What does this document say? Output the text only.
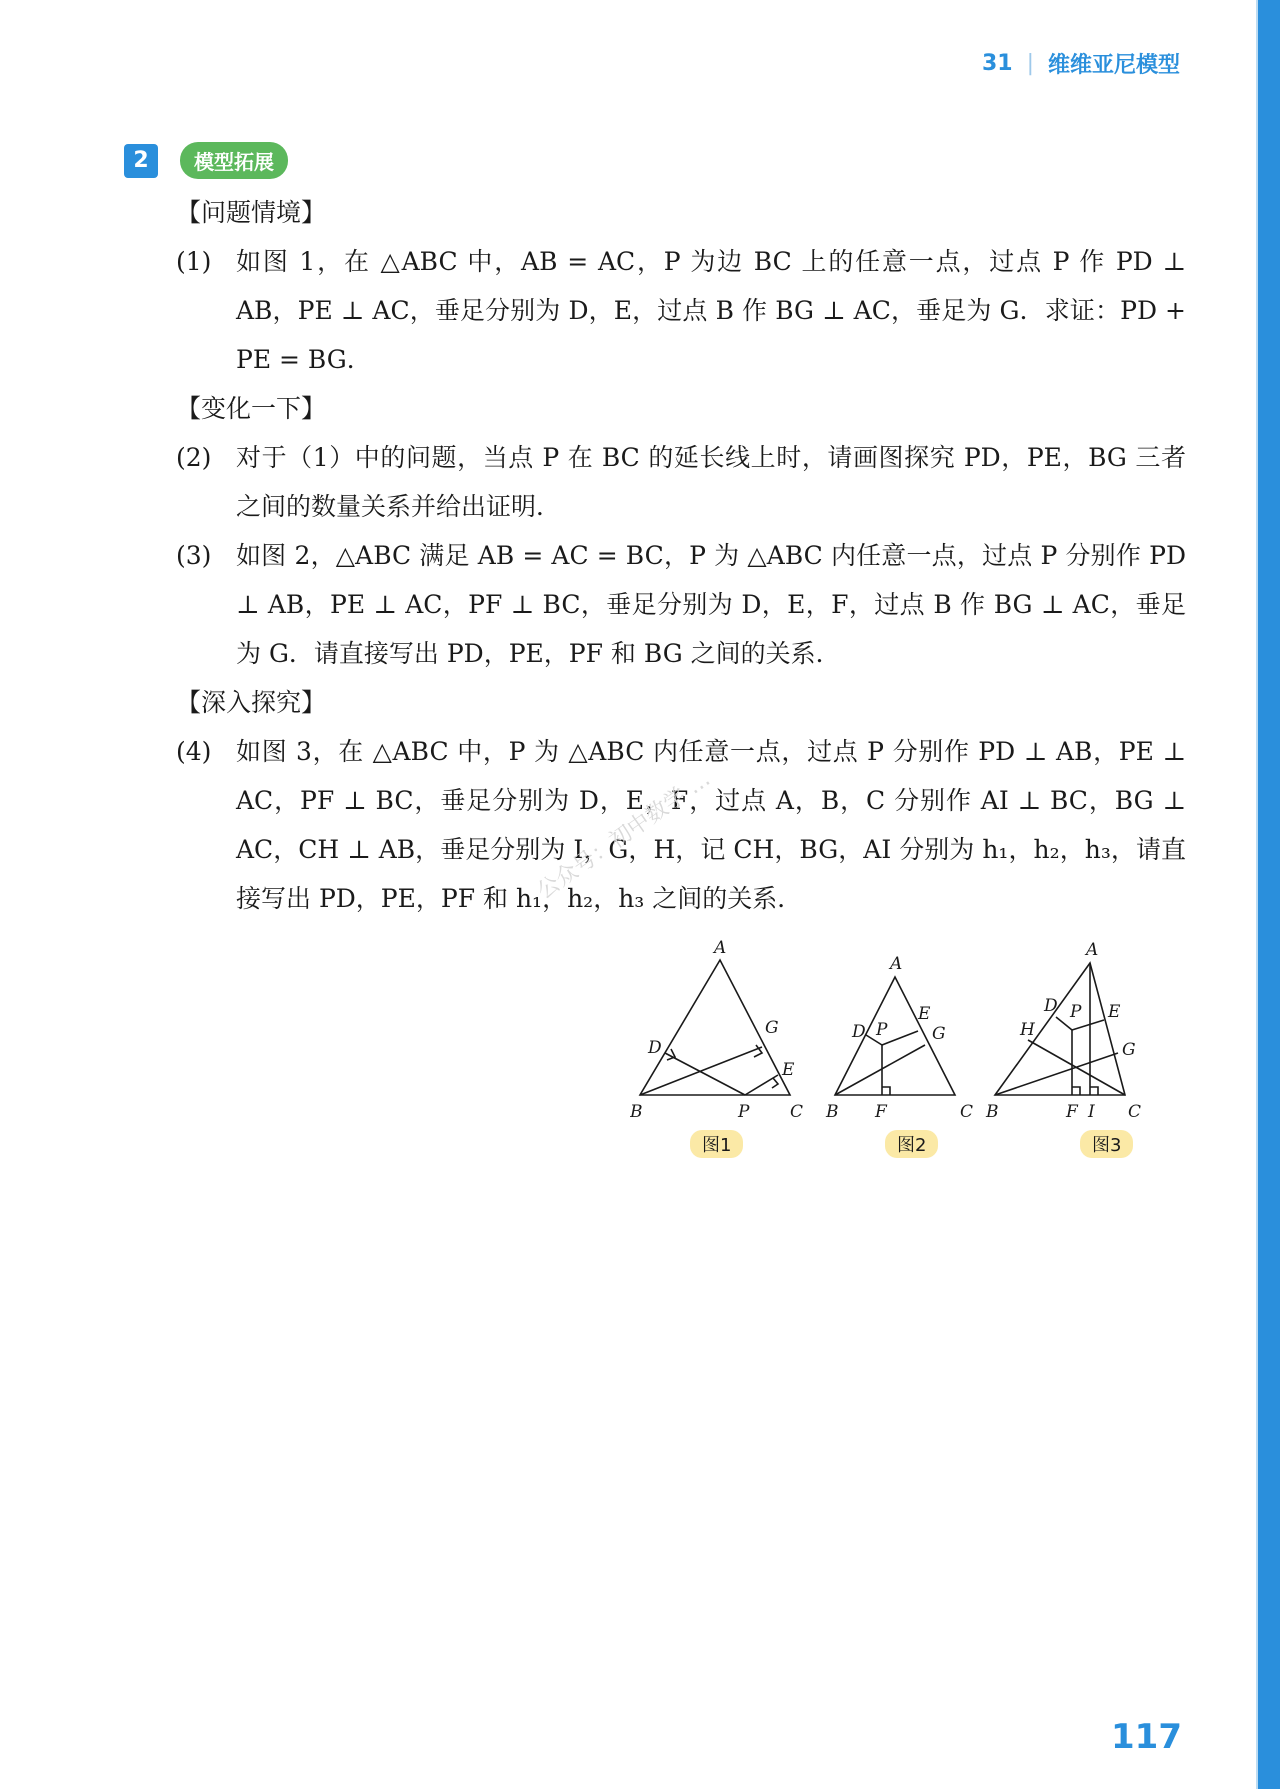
31 | 维维亚尼模型
2	模型拓展

【问题情境】

(1) 如图 1，在 △ABC 中，AB = AC，P 为边 BC 上的任意一点，过点 P 作 PD ⊥ AB，PE ⊥ AC，垂足分别为 D，E，过点 B 作 BG ⊥ AC，垂足为 G．求证：PD + PE = BG．

【变化一下】

(2) 对于（1）中的问题，当点 P 在 BC 的延长线上时，请画图探究 PD，PE，BG 三者之间的数量关系并给出证明．
(3) 如图 2，△ABC 满足 AB = AC = BC，P 为 △ABC 内任意一点，过点 P 分别作 PD ⊥ AB，PE ⊥ AC，PF ⊥ BC，垂足分别为 D，E，F，过点 B 作 BG ⊥ AC，垂足为 G．请直接写出 PD，PE，PF 和 BG 之间的关系．

【深入探究】

(4) 如图 3，在 △ABC 中，P 为 △ABC 内任意一点，过点 P 分别作 PD ⊥ AB，PE ⊥ AC，PF ⊥ BC，垂足分别为 D，E，F，过点 A，B，C 分别作 AI ⊥ BC，BG ⊥ AC，CH ⊥ AB，垂足分别为 I，G，H，记 CH，BG，AI 分别为 h₁，h₂，h₃，请直接写出 PD，PE，PF 和 h₁，h₂，h₃ 之间的关系．
公众号：初中数学 …
A
B	C
D
E
G
P
A
B	C
D
E
F
G
P
A
B	C
D	E
F
G
H
I
P
图1	图2	图3
117
